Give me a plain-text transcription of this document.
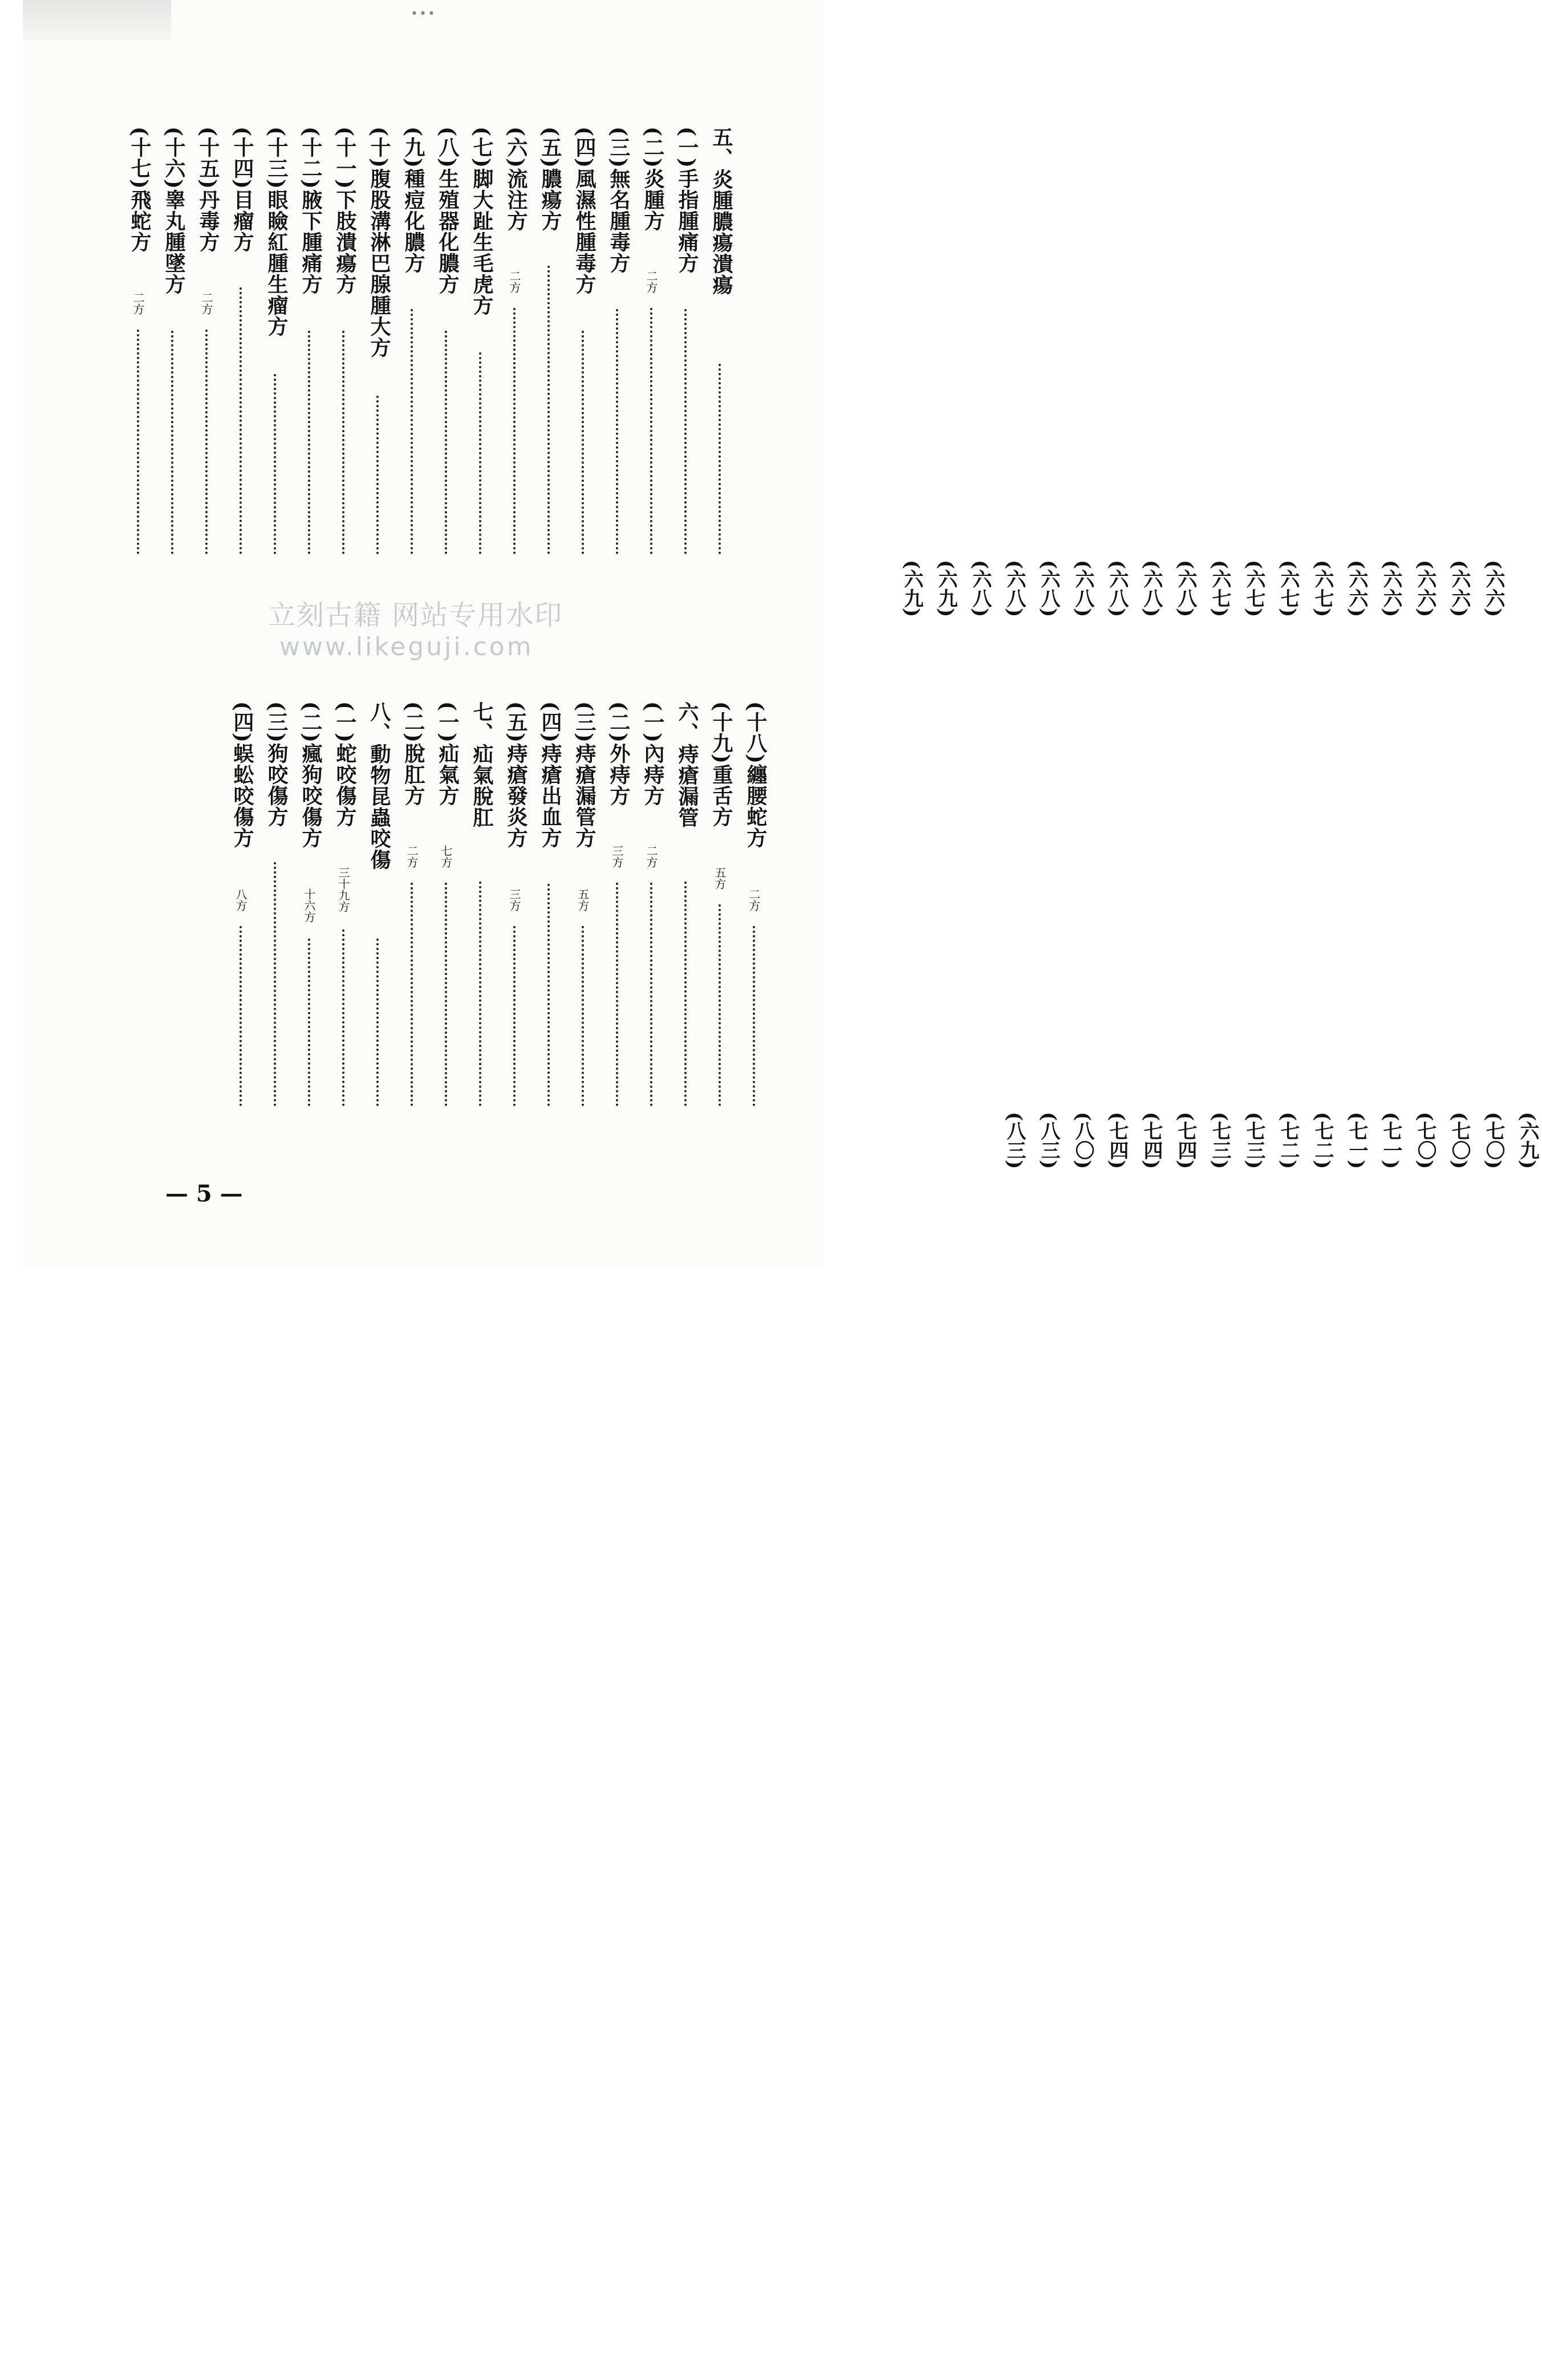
•••
五、炎腫膿瘍潰瘍
(六六)
(一)手指腫痛方
(六六)
(二)炎腫方
二方
(六六)
(三)無名腫毒方
(六六)
(四)風濕性腫毒方
(六六)
(五)膿瘍方
(六七)
(六)流注方
二方
(六七)
(七)脚大趾生毛虎方
(六七)
(八)生殖器化膿方
(六七)
(九)種痘化膿方
(六八)
(十)腹股溝淋巴腺腫大方
(六八)
(十一)下肢潰瘍方
(六八)
(十二)腋下腫痛方
(六八)
(十三)眼瞼紅腫生瘤方
(六八)
(十四)目瘤方
(六八)
(十五)丹毒方
二方
(六八)
(十六)睾丸腫墜方
(六九)
(十七)飛蛇方
二方
(六九)
(十八)纏腰蛇方
二方
(六九)
(十九)重舌方
五方
(七〇)
六、痔瘡漏管
(七〇)
(一)內痔方
二方
(七〇)
(二)外痔方
三方
(七一)
(三)痔瘡漏管方
五方
(七一)
(四)痔瘡出血方
(七二)
(五)痔瘡發炎方
三方
(七二)
七、疝氣脫肛
(七三)
(一)疝氣方
七方
(七三)
(二)脫肛方
二方
(七四)
八、動物昆蟲咬傷
(七四)
(一)蛇咬傷方
三十九方
(七四)
(二)瘋狗咬傷方
十六方
(八〇)
(三)狗咬傷方
(八三)
(四)蜈蚣咬傷方
八方
(八三)
立刻古籍 网站专用水印
www.likeguji.com
— 5 —
